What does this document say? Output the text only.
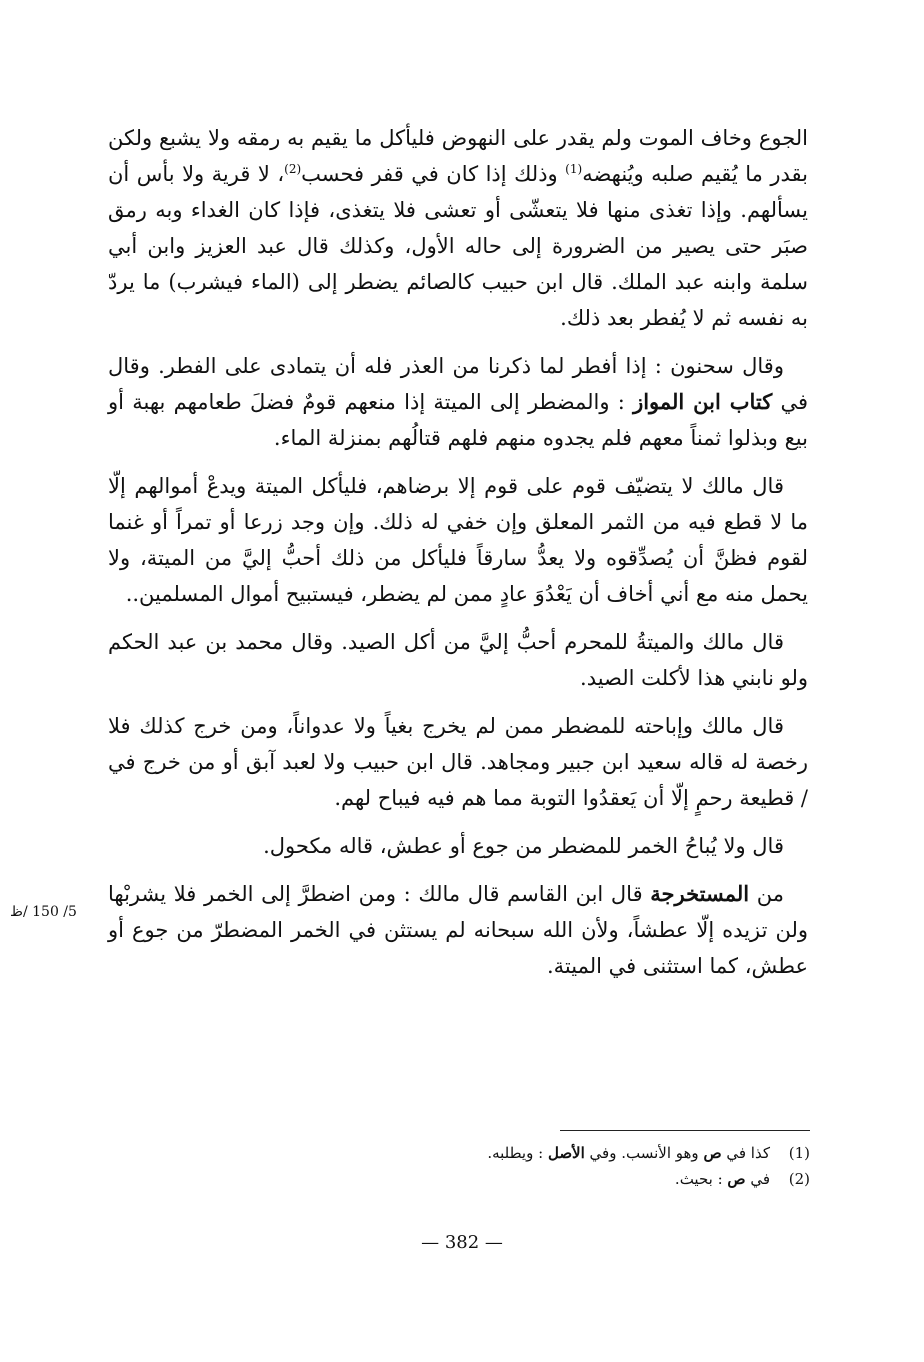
الجوع وخاف الموت ولم يقدر على النهوض فليأكل ما يقيم به رمقه ولا يشبع ولكن بقدر ما يُقيم صلبه ويُنهضه$^{(1)}$ وذلك إذا كان في قفر فحسب$^{(2)}$، لا قرية ولا بأس أن يسألهم. وإذا تغذى منها فلا يتعشّى أو تعشى فلا يتغذى، فإذا كان الغداء وبه رمق صبَر حتى يصير من الضرورة إلى حاله الأول، وكذلك قال عبد العزيز وابن أبي سلمة وابنه عبد الملك. قال ابن حبيب كالصائم يضطر إلى (الماء فيشرب) ما يردّ به نفسه ثم لا يُفطر بعد ذلك.

وقال سحنون : إذا أفطر لما ذكرنا من العذر فله أن يتمادى على الفطر. وقال في كتاب ابن المواز : والمضطر إلى الميتة إذا منعهم قومٌ فضلَ طعامهم بهبة أو بيع وبذلوا ثمناً معهم فلم يجدوه منهم فلهم قتالُهم بمنزلة الماء.

قال مالك لا يتضيّف قوم على قوم إلا برضاهم، فليأكل الميتة ويدعْ أموالهم إلّا ما لا قطع فيه من الثمر المعلق وإن خفي له ذلك. وإن وجد زرعا أو تمراً أو غنما لقوم فظنَّ أن يُصدِّقوه ولا يعدُّ سارقاً فليأكل من ذلك أحبُّ إليَّ من الميتة، ولا يحمل منه مع أني أخاف أن يَعْدُوَ عادٍ ممن لم يضطر، فيستبيح أموال المسلمين..

قال مالك والميتةُ للمحرم أحبُّ إليَّ من أكل الصيد. وقال محمد بن عبد الحكم ولو نابني هذا لأكلت الصيد.

قال مالك وإباحته للمضطر ممن لم يخرج بغياً ولا عدواناً، ومن خرج كذلك فلا رخصة له قاله سعيد ابن جبير ومجاهد. قال ابن حبيب ولا لعبد آبق أو من خرج في / قطيعة رحمٍ إلّا أن يَعقدُوا التوبة مما هم فيه فيباح لهم.

قال ولا يُباحُ الخمر للمضطر من جوع أو عطش، قاله مكحول.

من المستخرجة قال ابن القاسم قال مالك : ومن اضطرَّ إلى الخمر فلا يشربْها ولن تزيده إلّا عطشاً، ولأن الله سبحانه لم يستثن في الخمر المضطرّ من جوع أو عطش، كما استثنى في الميتة.

5/ 150 /ظ
(1)كذا في ص وهو الأنسب. وفي الأصل : ويطلبه.
(2)في ص : بحيث.
— 382 —
